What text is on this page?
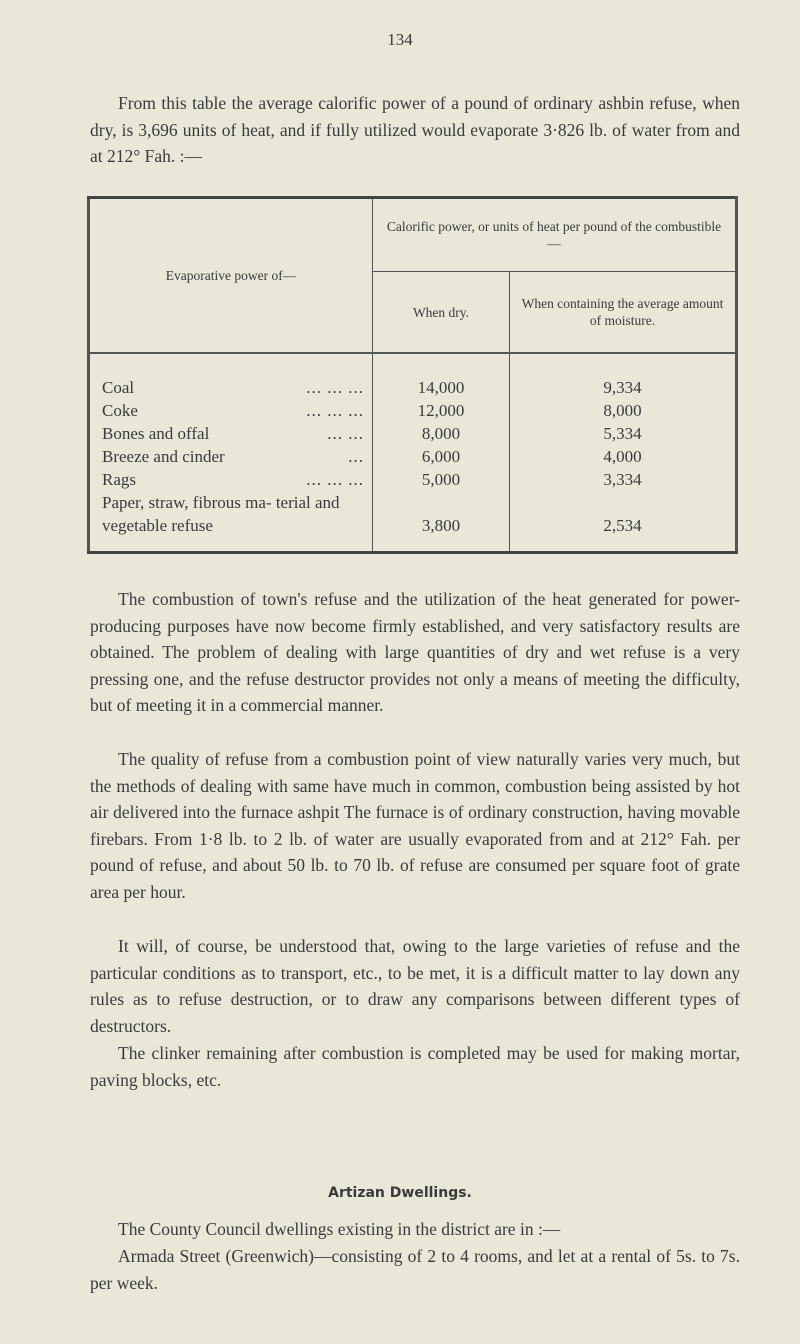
134
From this table the average calorific power of a pound of ordinary ashbin refuse, when dry, is 3,696 units of heat, and if fully utilized would evaporate 3·826 lb. of water from and at 212° Fah. :—
Evaporative power of—	Calorific power, or units of heat per pound of the combustible—	
	When dry.	When containing the average amount of moisture.

... ... ...
Coal	14,000	9,334

... ... ...
Coke	12,000	8,000

... ...
Bones and offal	8,000	5,334

...
Breeze and cinder	6,000	4,000

... ... ...
Rags	5,000	3,334

Paper, straw, fibrous ma- terial and vegetable refuse	3,800	2,534
The combustion of town's refuse and the utilization of the heat generated for power-producing purposes have now become firmly established, and very satisfactory results are obtained. The problem of dealing with large quantities of dry and wet refuse is a very pressing one, and the refuse destructor provides not only a means of meeting the difficulty, but of meeting it in a commercial manner.
The quality of refuse from a combustion point of view naturally varies very much, but the methods of dealing with same have much in common, combustion being assisted by hot air delivered into the furnace ashpit The furnace is of ordinary construction, having movable firebars. From 1·8 lb. to 2 lb. of water are usually evaporated from and at 212° Fah. per pound of refuse, and about 50 lb. to 70 lb. of refuse are consumed per square foot of grate area per hour.
It will, of course, be understood that, owing to the large varieties of refuse and the particular conditions as to transport, etc., to be met, it is a difficult matter to lay down any rules as to refuse destruction, or to draw any comparisons between different types of destructors.
The clinker remaining after combustion is completed may be used for making mortar, paving blocks, etc.
Artizan Dwellings.
The County Council dwellings existing in the district are in :—
Armada Street (Greenwich)—consisting of 2 to 4 rooms, and let at a rental of 5s. to 7s. per week.
